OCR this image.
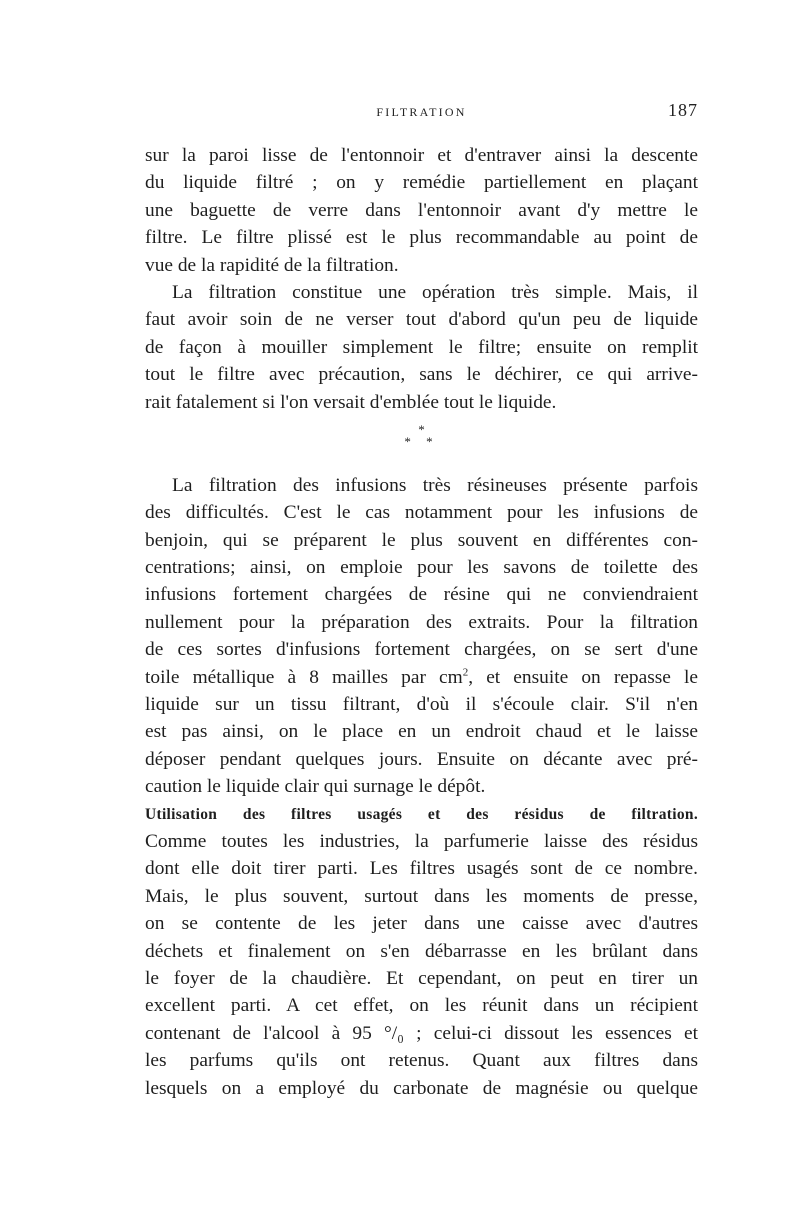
FILTRATION	187
sur la paroi lisse de l'entonnoir et d'entraver ainsi la descente
du liquide filtré ; on y remédie partiellement en plaçant
une baguette de verre dans l'entonnoir avant d'y mettre le
filtre. Le filtre plissé est le plus recommandable au point de
vue de la rapidité de la filtration.
La filtration constitue une opération très simple. Mais, il
faut avoir soin de ne verser tout d'abord qu'un peu de liquide
de façon à mouiller simplement le filtre; ensuite on remplit
tout le filtre avec précaution, sans le déchirer, ce qui arrive-
rait fatalement si l'on versait d'emblée tout le liquide.
*
* *
La filtration des infusions très résineuses présente parfois
des difficultés. C'est le cas notamment pour les infusions de
benjoin, qui se préparent le plus souvent en différentes con-
centrations; ainsi, on emploie pour les savons de toilette des
infusions fortement chargées de résine qui ne conviendraient
nullement pour la préparation des extraits. Pour la filtration
de ces sortes d'infusions fortement chargées, on se sert d'une
toile métallique à 8 mailles par $cm^2$, et ensuite on repasse le
liquide sur un tissu filtrant, d'où il s'écoule clair. S'il n'en
est pas ainsi, on le place en un endroit chaud et le laisse
déposer pendant quelques jours. Ensuite on décante avec pré-
caution le liquide clair qui surnage le dépôt.
Utilisation des filtres usagés et des résidus de filtration.
Comme toutes les industries, la parfumerie laisse des résidus
dont elle doit tirer parti. Les filtres usagés sont de ce nombre.
Mais, le plus souvent, surtout dans les moments de presse,
on se contente de les jeter dans une caisse avec d'autres
déchets et finalement on s'en débarrasse en les brûlant dans
le foyer de la chaudière. Et cependant, on peut en tirer un
excellent parti. A cet effet, on les réunit dans un récipient
contenant de l'alcool à 95 °/₀ ; celui-ci dissout les essences et
les parfums qu'ils ont retenus. Quant aux filtres dans
lesquels on a employé du carbonate de magnésie ou quelque
